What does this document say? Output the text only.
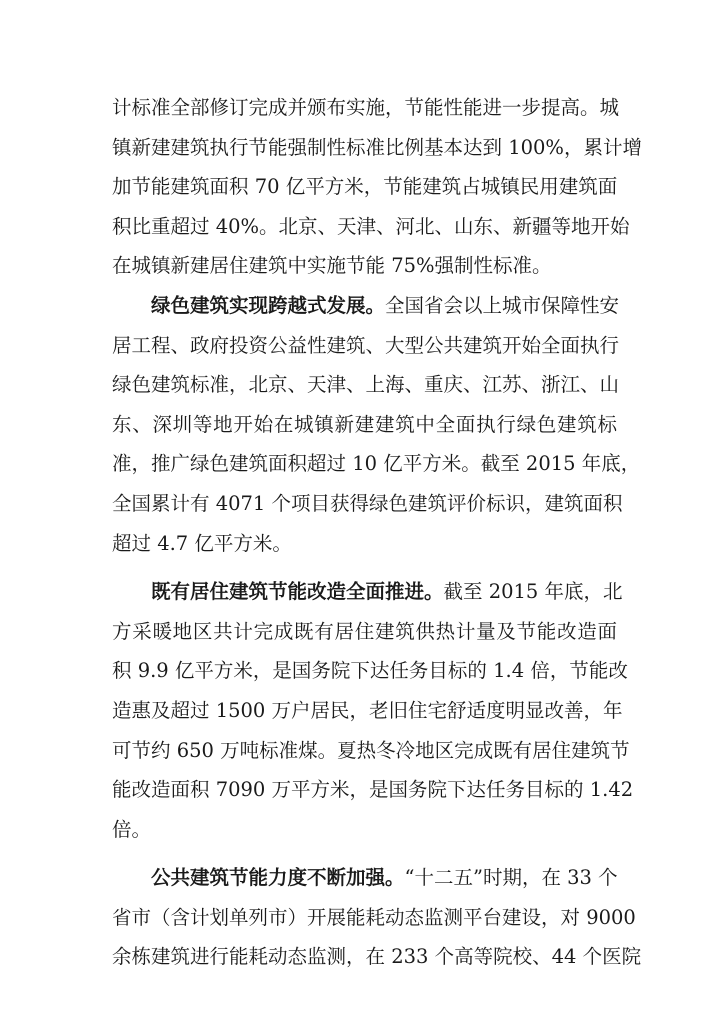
计标准全部修订完成并颁布实施，节能性能进一步提高。城
镇新建建筑执行节能强制性标准比例基本达到 100%，累计增
加节能建筑面积 70 亿平方米，节能建筑占城镇民用建筑面
积比重超过 40%。北京、天津、河北、山东、新疆等地开始
在城镇新建居住建筑中实施节能 75%强制性标准。
绿色建筑实现跨越式发展。全国省会以上城市保障性安
居工程、政府投资公益性建筑、大型公共建筑开始全面执行
绿色建筑标准，北京、天津、上海、重庆、江苏、浙江、山
东、深圳等地开始在城镇新建建筑中全面执行绿色建筑标
准，推广绿色建筑面积超过 10 亿平方米。截至 2015 年底，
全国累计有 4071 个项目获得绿色建筑评价标识，建筑面积
超过 4.7 亿平方米。
既有居住建筑节能改造全面推进。截至 2015 年底，北
方采暖地区共计完成既有居住建筑供热计量及节能改造面
积 9.9 亿平方米，是国务院下达任务目标的 1.4 倍，节能改
造惠及超过 1500 万户居民，老旧住宅舒适度明显改善，年
可节约 650 万吨标准煤。夏热冬冷地区完成既有居住建筑节
能改造面积 7090 万平方米，是国务院下达任务目标的 1.42
倍。
公共建筑节能力度不断加强。“十二五”时期，在 33 个
省市（含计划单列市）开展能耗动态监测平台建设，对 9000
余栋建筑进行能耗动态监测，在 233 个高等院校、44 个医院
